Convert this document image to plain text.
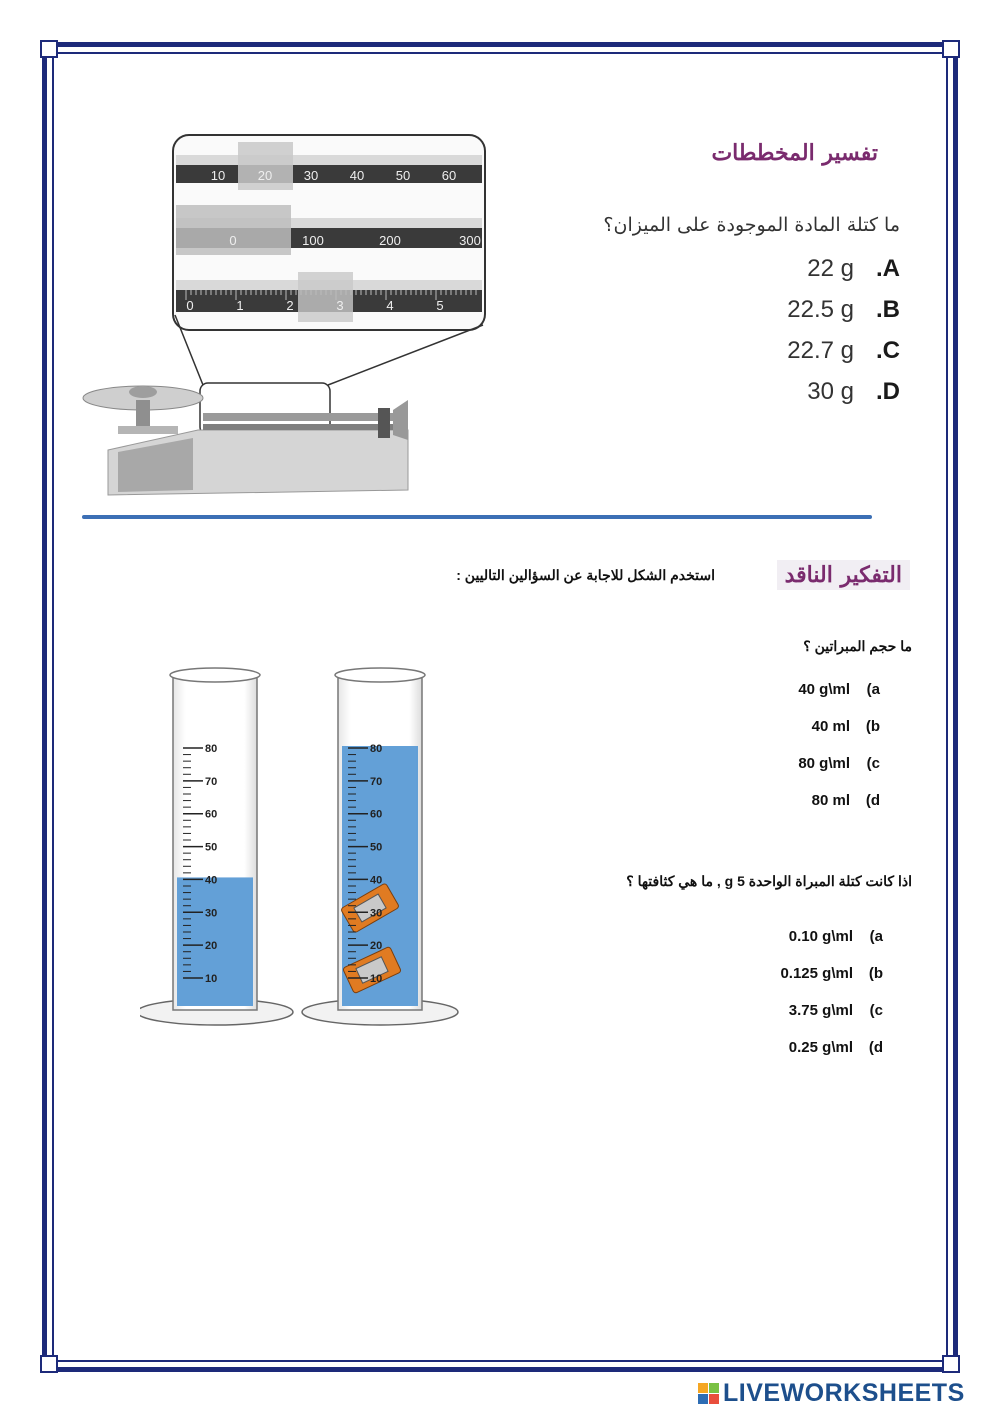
10	20 30 40 50 60
0	100	200	300
0	1	2	3	4	5
تفسير المخططات
ما كتلة المادة الموجودة على الميزان؟
22 g .A
22.5 g .B
22.7 g .C
30 g .D
التفكير الناقد
استخدم الشكل للاجابة عن السؤالين التاليين :
80
70
60
50
40
30
20
10
80
70
60
50
40
30
20
10
ما حجم المبراتين ؟
40 g\ml (a
40 ml (b
80 g\ml (c
80 ml (d
اذا كانت كتلة المبراة الواحدة 5 g , ما هي كثافتها ؟
0.10 g\ml (a
0.125 g\ml (b
3.75 g\ml (c
0.25 g\ml (d
LIVEWORKSHEETS
